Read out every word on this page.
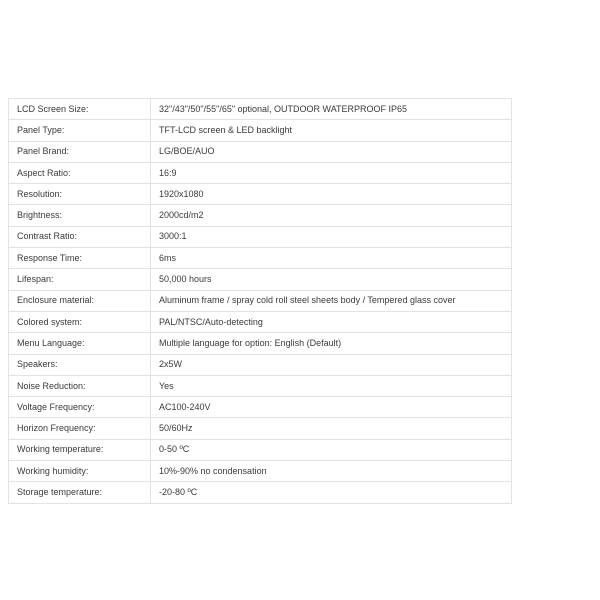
LCD Screen Size:	32"/43"/50"/55"/65" optional, OUTDOOR WATERPROOF IP65
Panel Type:	TFT-LCD screen & LED backlight
Panel Brand:	LG/BOE/AUO
Aspect Ratio:	16:9
Resolution:	1920x1080
Brightness:	2000cd/m2
Contrast Ratio:	3000:1
Response Time:	6ms
Lifespan:	50,000 hours
Enclosure material:	Aluminum frame / spray cold roll steel sheets body / Tempered glass cover
Colored system:	PAL/NTSC/Auto-detecting
Menu Language:	Multiple language for option: English (Default)
Speakers:	2x5W
Noise Reduction:	Yes
Voltage Frequency:	AC100-240V
Horizon Frequency:	50/60Hz
Working temperature:	0-50 ºC
Working humidity:	10%-90% no condensation
Storage temperature:	-20-80 ºC
